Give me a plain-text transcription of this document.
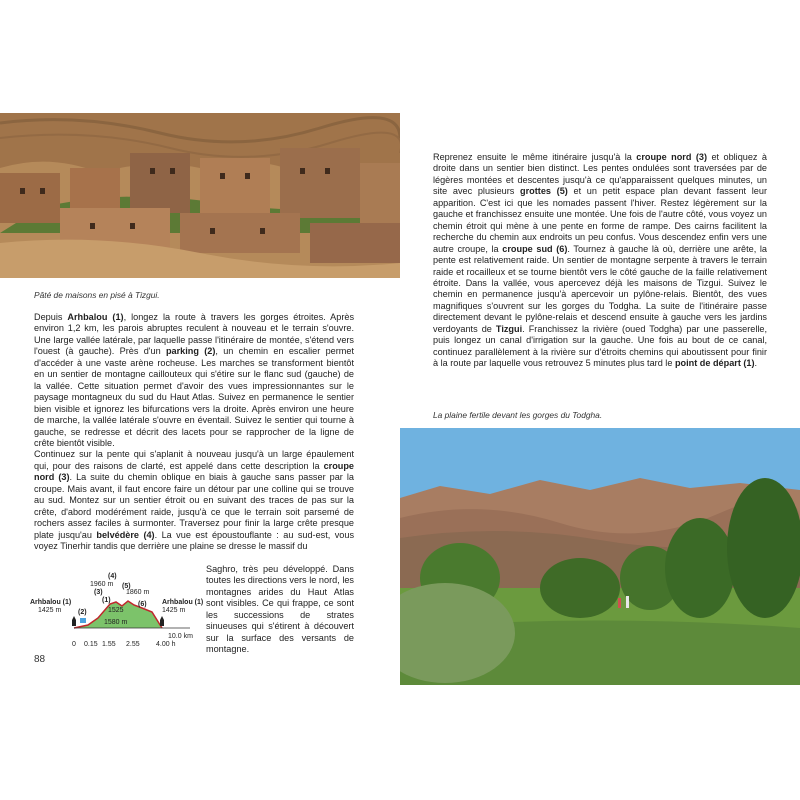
Pâté de maisons en pisé à Tizgui.

Depuis Arhbalou (1), longez la route à travers les gorges étroites. Après environ 1,2 km, les parois abruptes reculent à nouveau et le terrain s'ouvre. Une large vallée latérale, par laquelle passe l'itinéraire de montée, s'étend vers l'ouest (à gauche). Près d'un parking (2), un chemin en escalier permet d'accéder à une vaste arène rocheuse. Les marches se transforment bientôt en un sentier de montagne caillouteux qui s'étire sur le flanc sud (gauche) de la vallée. Cette situation permet d'avoir des vues impressionnantes sur le paysage montagneux du sud du Haut Atlas. Suivez en permanence le sentier bien visible et ignorez les bifurcations vers la droite. Après environ une heure de marche, la vallée latérale s'ouvre en éventail. Suivez le sentier qui tourne à gauche, se redresse et décrit des lacets pour se rapprocher de la ligne de crête bientôt visible.

Continuez sur la pente qui s'aplanit à nouveau jusqu'à un large épaulement qui, pour des raisons de clarté, est appelé dans cette description la croupe nord (3). La suite du chemin oblique en biais à gauche sans passer par la croupe. Mais avant, il faut encore faire un détour par une colline qui se trouve au sud. Montez sur un sentier étroit ou en suivant des traces de pas sur la crête, d'abord modérément raide, jusqu'à ce que le terrain soit parsemé de rochers assez faciles à surmonter. Traversez pour finir la large crête presque plate jusqu'au belvédère (4). La vue est époustouflante : au sud-est, vous voyez Tinerhir tandis que derrière une plaine se dresse le massif du

Saghro, très peu développé. Dans toutes les directions vers le nord, les montagnes arides du Haut Atlas sont visibles. Ce qui frappe, ce sont les successions de strates sinueuses qui s'étirent à découvert sur la surface des versants de montagne.

1525
1580 m
Arhbalou (1)
1425 m
Arhbalou (1)
1425 m
(2)
(4)
1960 m
(3)
(5)
1860 m
(6)
(1)
10.0 km
0 0.15 1.55 2.55 4.00 h
88

Reprenez ensuite le même itinéraire jusqu'à la croupe nord (3) et obliquez à droite dans un sentier bien distinct. Les pentes ondulées sont traversées par de légères montées et descentes jusqu'à ce qu'apparaissent quelques minutes, un site avec plusieurs grottes (5) et un petit espace plan devant fassent leur apparition. C'est ici que les nomades passent l'hiver. Restez légèrement sur la gauche et franchissez ensuite une montée. Une fois de l'autre côté, vous voyez un chemin étroit qui mène à une pente en forme de rampe. Des cairns facilitent la recherche du chemin aux endroits un peu confus. Vous descendez enfin vers une autre croupe, la croupe sud (6). Tournez à gauche là où, derrière une arête, la pente est relativement raide. Un sentier de montagne serpente à travers le terrain raide et rocailleux et se tourne bientôt vers le côté gauche de la faille relativement étroite. Dans la vallée, vous apercevez déjà les maisons de Tizgui. Suivez le chemin en permanence jusqu'à apercevoir un pylône-relais. Bientôt, des vues magnifiques s'ouvrent sur les gorges du Todgha. La suite de l'itinéraire passe directement devant le pylône-relais et descend ensuite à gauche vers les jardins verdoyants de Tizgui. Franchissez la rivière (oued Todgha) par une passerelle, puis longez un canal d'irrigation sur la gauche. Une fois au bout de ce canal, continuez parallèlement à la rivière sur d'étroits chemins qui aboutissent pour finir à la route par laquelle vous retrouvez 5 minutes plus tard le point de départ (1).

La plaine fertile devant les gorges du Todgha.
